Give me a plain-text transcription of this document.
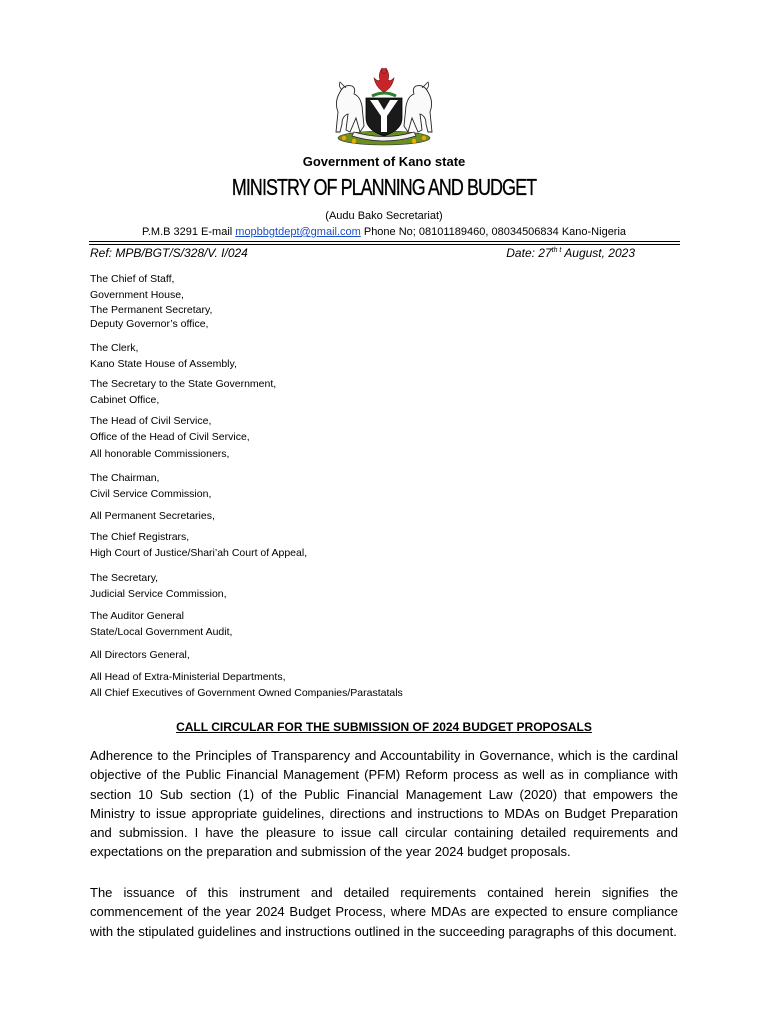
Government of Kano state
MINISTRY OF PLANNING AND BUDGET
(Audu Bako Secretariat)
P.M.B 3291 E-mail mopbbgtdept@gmail.com Phone No; 08101189460, 08034506834 Kano-Nigeria
Ref: MPB/BGT/S/328/V. I/024	Date: $27^{th t}$ August, 2023
The Chief of Staff,
Government House,
The Permanent Secretary,
Deputy Governor’s office,
The Clerk,
Kano State House of Assembly,
The Secretary to the State Government,
Cabinet Office,
The Head of Civil Service,
Office of the Head of Civil Service,
All honorable Commissioners,
The Chairman,
Civil Service Commission,
All Permanent Secretaries,
The Chief Registrars,
High Court of Justice/Shari’ah Court of Appeal,
The Secretary,
Judicial Service Commission,
The Auditor General
State/Local Government Audit,
All Directors General,
All Head of Extra-Ministerial Departments,
All Chief Executives of Government Owned Companies/Parastatals
CALL CIRCULAR FOR THE SUBMISSION OF 2024 BUDGET PROPOSALS
Adherence to the Principles of Transparency and Accountability in Governance, which is the cardinal objective of the Public Financial Management (PFM) Reform process as well as in compliance with section 10 Sub section (1) of the Public Financial Management Law (2020) that empowers the Ministry to issue appropriate guidelines, directions and instructions to MDAs on Budget Preparation and submission. I have the pleasure to issue call circular containing detailed requirements and expectations on the preparation and submission of the year 2024 budget proposals.
The issuance of this instrument and detailed requirements contained herein signifies the commencement of the year 2024 Budget Process, where MDAs are expected to ensure compliance with the stipulated guidelines and instructions outlined in the succeeding paragraphs of this document.
